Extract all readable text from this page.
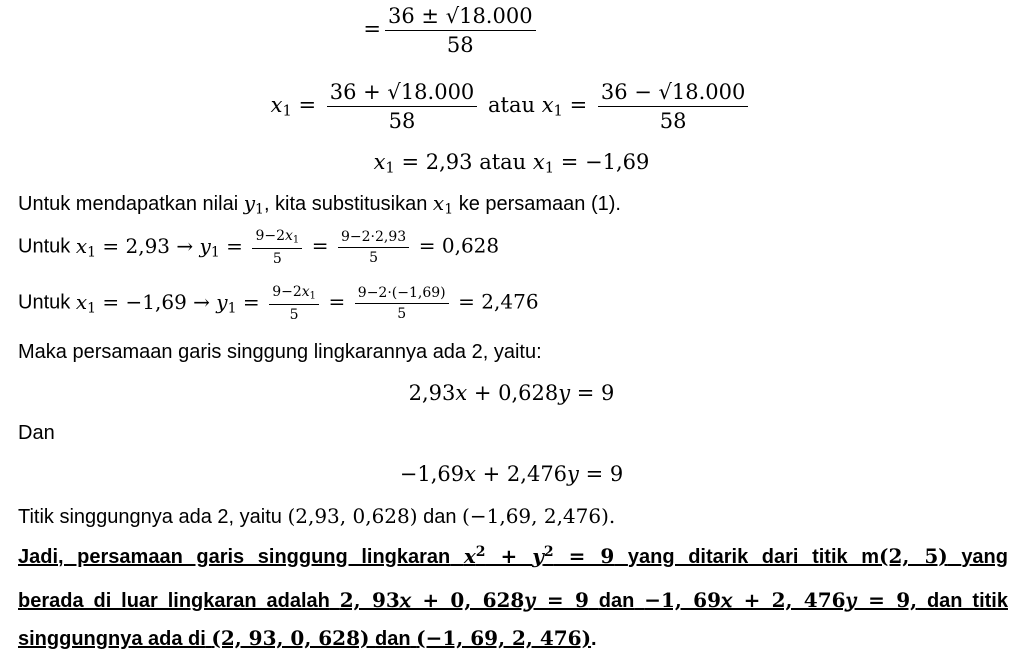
= $\frac{36 \pm √18.000}{58}$
$x_1 = \frac{36 + √18.000}{58}$ atau $x_1 = \frac{36 - √18.000}{58}$
$x_1 = 2,93$ atau $x_1 = -1,69$
Untuk mendapatkan nilai $y_1$, kita substitusikan $x_1$ ke persamaan (1).
Untuk $x_1 = 2,93 \to y_1 = \frac{9-2x_1}{5} = \frac{9-2\cdot 2,93}{5} = 0,628$
Untuk $x_1 = -1,69 \to y_1 = \frac{9-2x_1}{5} = \frac{9-2\cdot(-1,69)}{5} = 2,476$
Maka persamaan garis singgung lingkarannya ada 2, yaitu:
2,93𝑥 + 0,628𝑦 = 9
Dan
−1,69𝑥 + 2,476𝑦 = 9
Titik singgungnya ada 2, yaitu (2,93, 0,628) dan (−1,69, 2,476).
Jadi, persamaan garis singgung lingkaran $x^2 + y^2 = 9$ yang ditarik dari titik m(2, 5) yang
berada di luar lingkaran adalah 2, 93𝑥 + 0, 628𝑦 = 9 dan −1, 69𝑥 + 2, 476𝑦 = 9, dan titik
singgungnya ada di (2, 93, 0, 628) dan (−1, 69, 2, 476).
